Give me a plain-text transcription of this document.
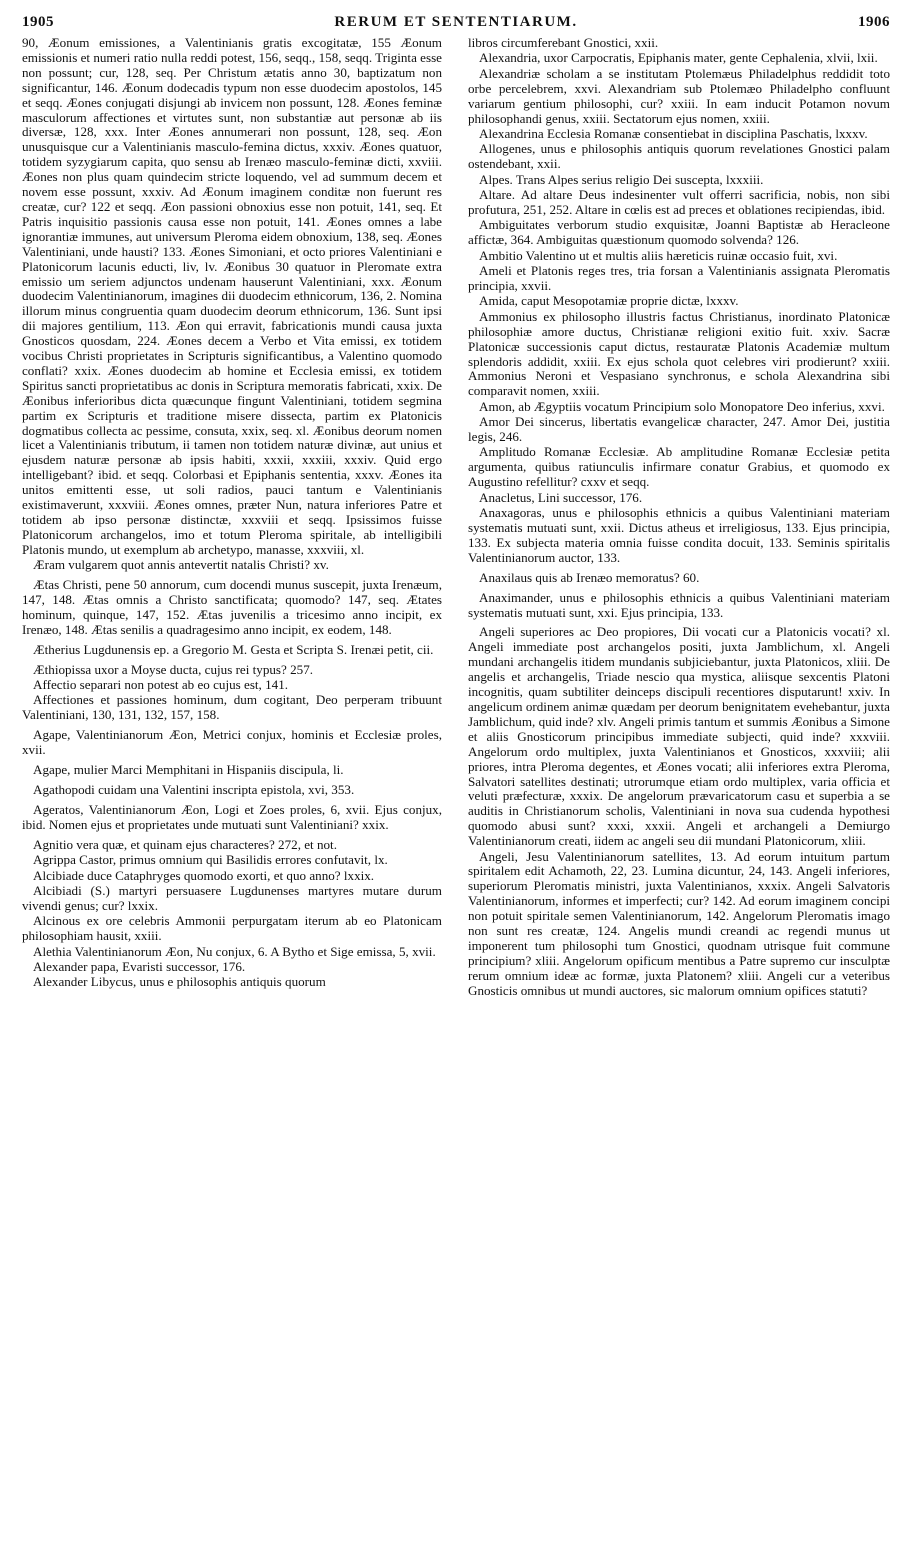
1905	RERUM ET SENTENTIARUM.	1906

90, Æonum emissiones, a Valentinianis gratis excogitatæ, 155 Æonum emissionis et numeri ratio nulla reddi potest, 156, seqq., 158, seqq. Triginta esse non possunt; cur, 128, seq. Per Christum ætatis anno 30, baptizatum non significantur, 146. Æonum dodecadis typum non esse duodecim apostolos, 145 et seqq. Æones conjugati disjungi ab invicem non possunt, 128. Æones feminæ masculorum affectiones et virtutes sunt, non substantiæ aut personæ ab iis diversæ, 128, xxx. Inter Æones annumerari non possunt, 128, seq. Æon unusquisque cur a Valentinianis masculo-femina dictus, xxxiv. Æones quatuor, totidem syzygiarum capita, quo sensu ab Irenæo masculo-feminæ dicti, xxviii. Æones non plus quam quindecim stricte loquendo, vel ad summum decem et novem esse possunt, xxxiv. Ad Æonum imaginem conditæ non fuerunt res creatæ, cur? 122 et seqq. Æon passioni obnoxius esse non potuit, 141, seq. Et Patris inquisitio passionis causa esse non potuit, 141. Æones omnes a labe ignorantiæ immunes, aut universum Pleroma eidem obnoxium, 138, seq. Æones Valentiniani, unde hausti? 133. Æones Simoniani, et octo priores Valentiniani e Platonicorum lacunis educti, liv, lv. Æonibus 30 quatuor in Pleromate extra emissio um seriem adjunctos undenam hauserunt Valentiniani, xxx. Æonum duodecim Valentinianorum, imagines dii duodecim ethnicorum, 136, 2. Nomina illorum minus congruentia quam duodecim deorum ethnicorum, 136. Sunt ipsi dii majores gentilium, 113. Æon qui erravit, fabricationis mundi causa juxta Gnosticos quosdam, 224. Æones decem a Verbo et Vita emissi, ex totidem vocibus Christi proprietates in Scripturis significantibus, a Valentino quomodo conflati? xxix. Æones duodecim ab homine et Ecclesia emissi, ex totidem Spiritus sancti proprietatibus ac donis in Scriptura memoratis fabricati, xxix. De Æonibus inferioribus dicta quæcunque fingunt Valentiniani, totidem segmina partim ex Scripturis et traditione misere dissecta, partim ex Platonicis dogmatibus collecta ac pessime, consuta, xxix, seq. xl. Æonibus deorum nomen licet a Valentinianis tributum, ii tamen non totidem naturæ divinæ, aut unius et ejusdem naturæ personæ ab ipsis habiti, xxxii, xxxiii, xxxiv. Quid ergo intelligebant? ibid. et seqq. Colorbasi et Epiphanis sententia, xxxv. Æones ita unitos emittenti esse, ut soli radios, pauci tantum e Valentinianis existimaverunt, xxxviii. Æones omnes, præter Nun, natura inferiores Patre et totidem ab ipso personæ distinctæ, xxxviii et seqq. Ipsissimos fuisse Platonicorum archangelos, imo et totum Pleroma spiritale, ab intelligibili Platonis mundo, ut exemplum ab archetypo, manasse, xxxviii, xl.

Æram vulgarem quot annis antevertit natalis Christi? xv.

Ætas Christi, pene 50 annorum, cum docendi munus suscepit, juxta Irenæum, 147, 148. Ætas omnis a Christo sanctificata; quomodo? 147, seq. Ætates hominum, quinque, 147, 152. Ætas juvenilis a tricesimo anno incipit, ex Irenæo, 148. Ætas senilis a quadragesimo anno incipit, ex eodem, 148.

Ætherius Lugdunensis ep. a Gregorio M. Gesta et Scripta S. Irenæi petit, cii.

Æthiopissa uxor a Moyse ducta, cujus rei typus? 257.

Affectio separari non potest ab eo cujus est, 141.

Affectiones et passiones hominum, dum cogitant, Deo perperam tribuunt Valentiniani, 130, 131, 132, 157, 158.

Agape, Valentinianorum Æon, Metrici conjux, hominis et Ecclesiæ proles, xvii.

Agape, mulier Marci Memphitani in Hispaniis discipula, li.

Agathopodi cuidam una Valentini inscripta epistola, xvi, 353.

Ageratos, Valentinianorum Æon, Logi et Zoes proles, 6, xvii. Ejus conjux, ibid. Nomen ejus et proprietates unde mutuati sunt Valentiniani? xxix.

Agnitio vera quæ, et quinam ejus characteres? 272, et not.

Agrippa Castor, primus omnium qui Basilidis errores confutavit, lx.

Alcibiade duce Cataphryges quomodo exorti, et quo anno? lxxix.

Alcibiadi (S.) martyri persuasere Lugdunenses martyres mutare durum vivendi genus; cur? lxxix.

Alcinous ex ore celebris Ammonii perpurgatam iterum ab eo Platonicam philosophiam hausit, xxiii.

Alethia Valentinianorum Æon, Nu conjux, 6. A Bytho et Sige emissa, 5, xvii.

Alexander papa, Evaristi successor, 176.

Alexander Libycus, unus e philosophis antiquis quorum

libros circumferebant Gnostici, xxii.

Alexandria, uxor Carpocratis, Epiphanis mater, gente Cephalenia, xlvii, lxii.

Alexandriæ scholam a se institutam Ptolemæus Philadelphus reddidit toto orbe percelebrem, xxvi. Alexandriam sub Ptolemæo Philadelpho confluunt variarum gentium philosophi, cur? xxiii. In eam inducit Potamon novum philosophandi genus, xxiii. Sectatorum ejus nomen, xxiii.

Alexandrina Ecclesia Romanæ consentiebat in disciplina Paschatis, lxxxv.

Allogenes, unus e philosophis antiquis quorum revelationes Gnostici palam ostendebant, xxii.

Alpes. Trans Alpes serius religio Dei suscepta, lxxxiii.

Altare. Ad altare Deus indesinenter vult offerri sacrificia, nobis, non sibi profutura, 251, 252. Altare in cœlis est ad preces et oblationes recipiendas, ibid.

Ambiguitates verborum studio exquisitæ, Joanni Baptistæ ab Heracleone affictæ, 364. Ambiguitas quæstionum quomodo solvenda? 126.

Ambitio Valentino ut et multis aliis hæreticis ruinæ occasio fuit, xvi.

Ameli et Platonis reges tres, tria forsan a Valentinianis assignata Pleromatis principia, xxvii.

Amida, caput Mesopotamiæ proprie dictæ, lxxxv.

Ammonius ex philosopho illustris factus Christianus, inordinato Platonicæ philosophiæ amore ductus, Christianæ religioni exitio fuit. xxiv. Sacræ Platonicæ successionis caput dictus, restauratæ Platonis Academiæ multum splendoris addidit, xxiii. Ex ejus schola quot celebres viri prodierunt? xxiii. Ammonius Neroni et Vespasiano synchronus, e schola Alexandrina sibi comparavit nomen, xxiii.

Amon, ab Ægyptiis vocatum Principium solo Monopatore Deo inferius, xxvi.

Amor Dei sincerus, libertatis evangelicæ character, 247. Amor Dei, justitia legis, 246.

Amplitudo Romanæ Ecclesiæ. Ab amplitudine Romanæ Ecclesiæ petita argumenta, quibus ratiunculis infirmare conatur Grabius, et quomodo ex Augustino refellitur? cxxv et seqq.

Anacletus, Lini successor, 176.

Anaxagoras, unus e philosophis ethnicis a quibus Valentiniani materiam systematis mutuati sunt, xxii. Dictus atheus et irreligiosus, 133. Ejus principia, 133. Ex subjecta materia omnia fuisse condita docuit, 133. Seminis spiritalis Valentinianorum auctor, 133.

Anaxilaus quis ab Irenæo memoratus? 60.

Anaximander, unus e philosophis ethnicis a quibus Valentiniani materiam systematis mutuati sunt, xxi. Ejus principia, 133.

Angeli superiores ac Deo propiores, Dii vocati cur a Platonicis vocati? xl. Angeli immediate post archangelos positi, juxta Jamblichum, xl. Angeli mundani archangelis itidem mundanis subjiciebantur, juxta Platonicos, xliii. De angelis et archangelis, Triade nescio qua mystica, aliisque sexcentis Platoni incognitis, quam subtiliter deinceps discipuli recentiores disputarunt! xxiv. In angelicum ordinem animæ quædam per deorum benignitatem evehebantur, juxta Jamblichum, quid inde? xlv. Angeli primis tantum et summis Æonibus a Simone et aliis Gnosticorum principibus immediate subjecti, quid inde? xxxviii. Angelorum ordo multiplex, juxta Valentinianos et Gnosticos, xxxviii; alii priores, intra Pleroma degentes, et Æones vocati; alii inferiores extra Pleroma, Salvatori satellites destinati; utrorumque etiam ordo multiplex, varia officia et veluti præfecturæ, xxxix. De angelorum prævaricatorum casu et superbia a se auditis in Christianorum scholis, Valentiniani in nova sua cudenda hypothesi quomodo abusi sunt? xxxi, xxxii. Angeli et archangeli a Demiurgo Valentinianorum creati, iidem ac angeli seu dii mundani Platonicorum, xliii.

Angeli, Jesu Valentinianorum satellites, 13. Ad eorum intuitum partum spiritalem edit Achamoth, 22, 23. Lumina dicuntur, 24, 143. Angeli inferiores, superiorum Pleromatis ministri, juxta Valentinianos, xxxix. Angeli Salvatoris Valentinianorum, informes et imperfecti; cur? 142. Ad eorum imaginem concipi non potuit spiritale semen Valentinianorum, 142. Angelorum Pleromatis imago non sunt res creatæ, 124. Angelis mundi creandi ac regendi munus ut imponerent tum philosophi tum Gnostici, quodnam utrisque fuit commune principium? xliii. Angelorum opificum mentibus a Patre supremo cur insculptæ rerum omnium ideæ ac formæ, juxta Platonem? xliii. Angeli cur a veteribus Gnosticis omnibus ut mundi auctores, sic malorum omnium opifices statuti?
